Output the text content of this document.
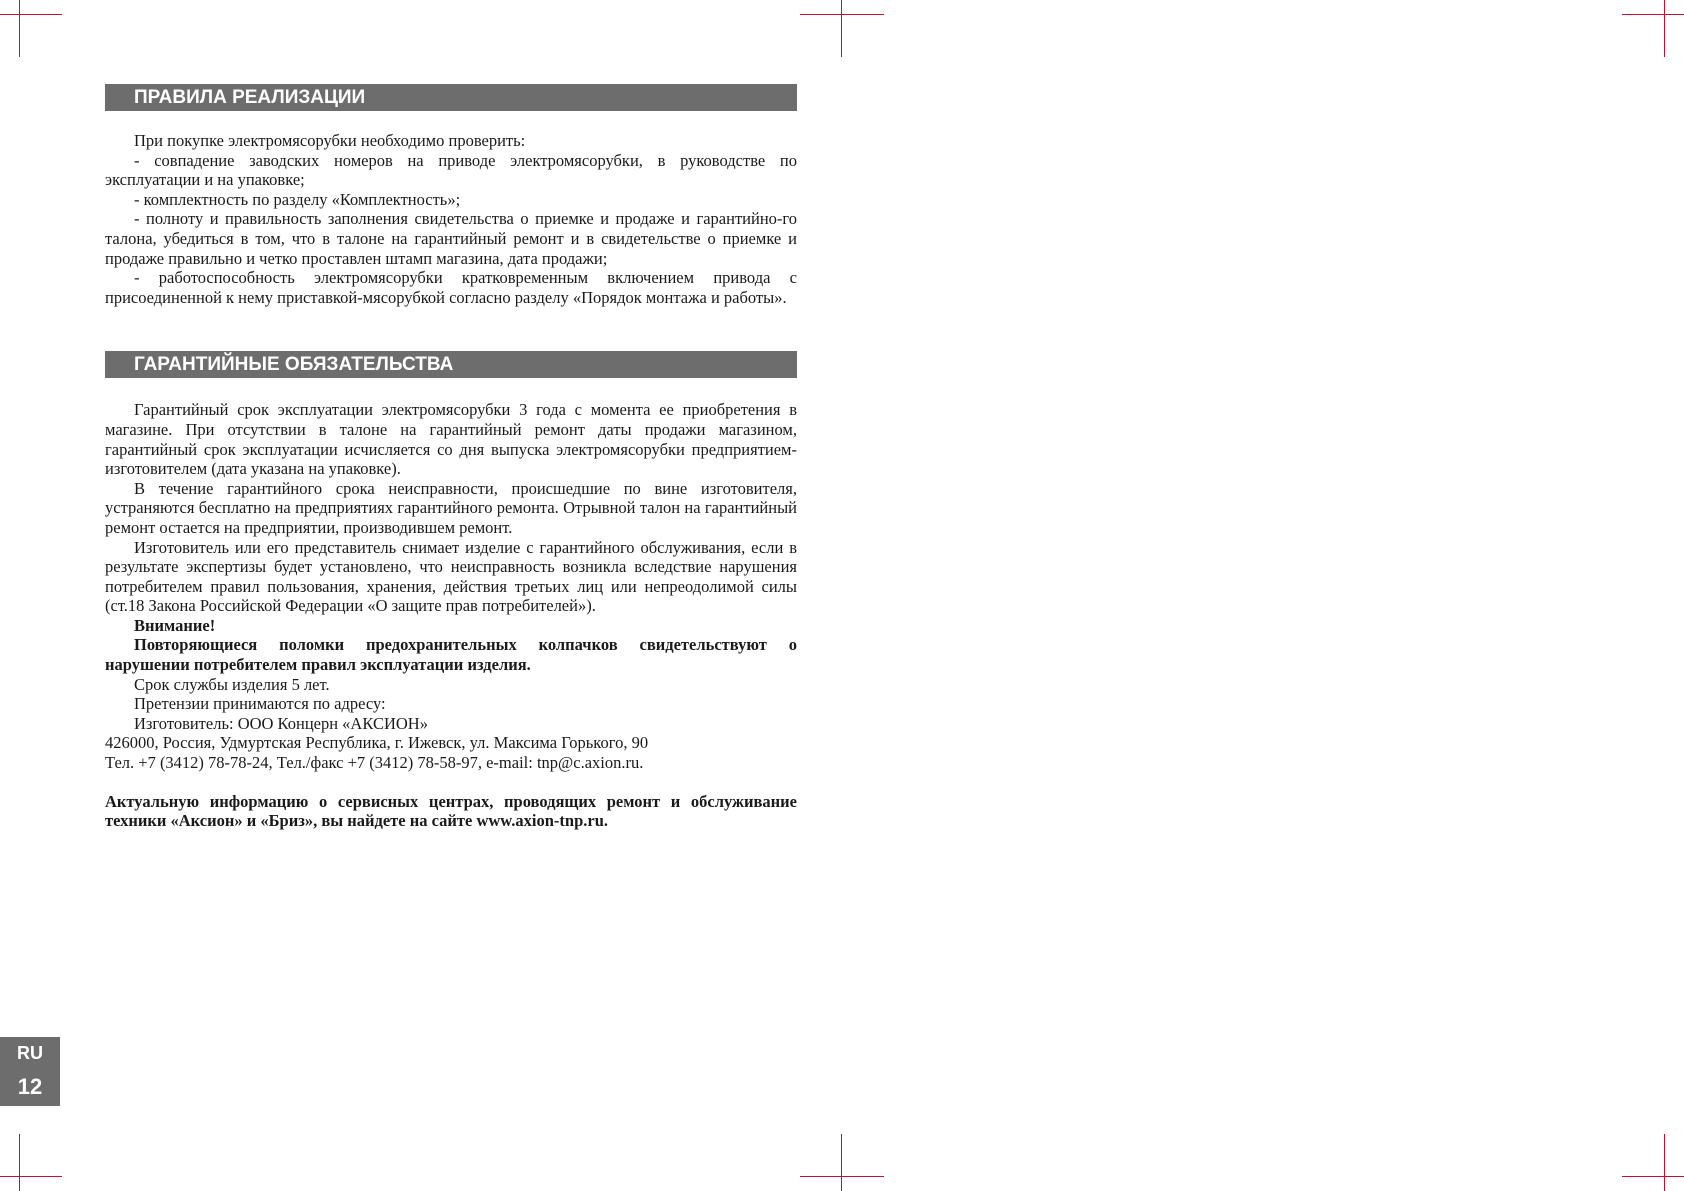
ПРАВИЛА РЕАЛИЗАЦИИ

При покупке электромясорубки необходимо проверить:

- совпадение заводских номеров на приводе электромясорубки, в руководстве по эксплуатации и на упаковке;

- комплектность по разделу «Комплектность»;

- полноту и правильность заполнения свидетельства о приемке и продаже и гарантийно-го талона, убедиться в том, что в талоне на гарантийный ремонт и в свидетельстве о приемке и продаже правильно и четко проставлен штамп магазина, дата продажи;

- работоспособность электромясорубки кратковременным включением привода с присоединенной к нему приставкой-мясорубкой согласно разделу «Порядок монтажа и работы».

ГАРАНТИЙНЫЕ ОБЯЗАТЕЛЬСТВА

Гарантийный срок эксплуатации электромясорубки 3 года с момента ее приобретения в магазине. При отсутствии в талоне на гарантийный ремонт даты продажи магазином, гарантийный срок эксплуатации исчисляется со дня выпуска электромясорубки предприятием-изготовителем (дата указана на упаковке).

В течение гарантийного срока неисправности, происшедшие по вине изготовителя, устраняются бесплатно на предприятиях гарантийного ремонта. Отрывной талон на гарантийный ремонт остается на предприятии, производившем ремонт.

Изготовитель или его представитель снимает изделие с гарантийного обслуживания, если в результате экспертизы будет установлено, что неисправность возникла вследствие нарушения потребителем правил пользования, хранения, действия третьих лиц или непреодолимой силы (ст.18 Закона Российской Федерации «О защите прав потребителей»).

Внимание!

Повторяющиеся поломки предохранительных колпачков свидетельствуют о нарушении потребителем правил эксплуатации изделия.

Срок службы изделия 5 лет.

Претензии принимаются по адресу:

Изготовитель: ООО Концерн «АКСИОН»

426000, Россия, Удмуртская Республика, г. Ижевск, ул. Максима Горького, 90

Тел. +7 (3412) 78-78-24, Тел./факс +7 (3412) 78-58-97, e-mail: tnp@c.axion.ru.

Актуальную информацию о сервисных центрах, проводящих ремонт и обслуживание техники «Аксион» и «Бриз», вы найдете на сайте www.axion-tnp.ru.

RU
12
